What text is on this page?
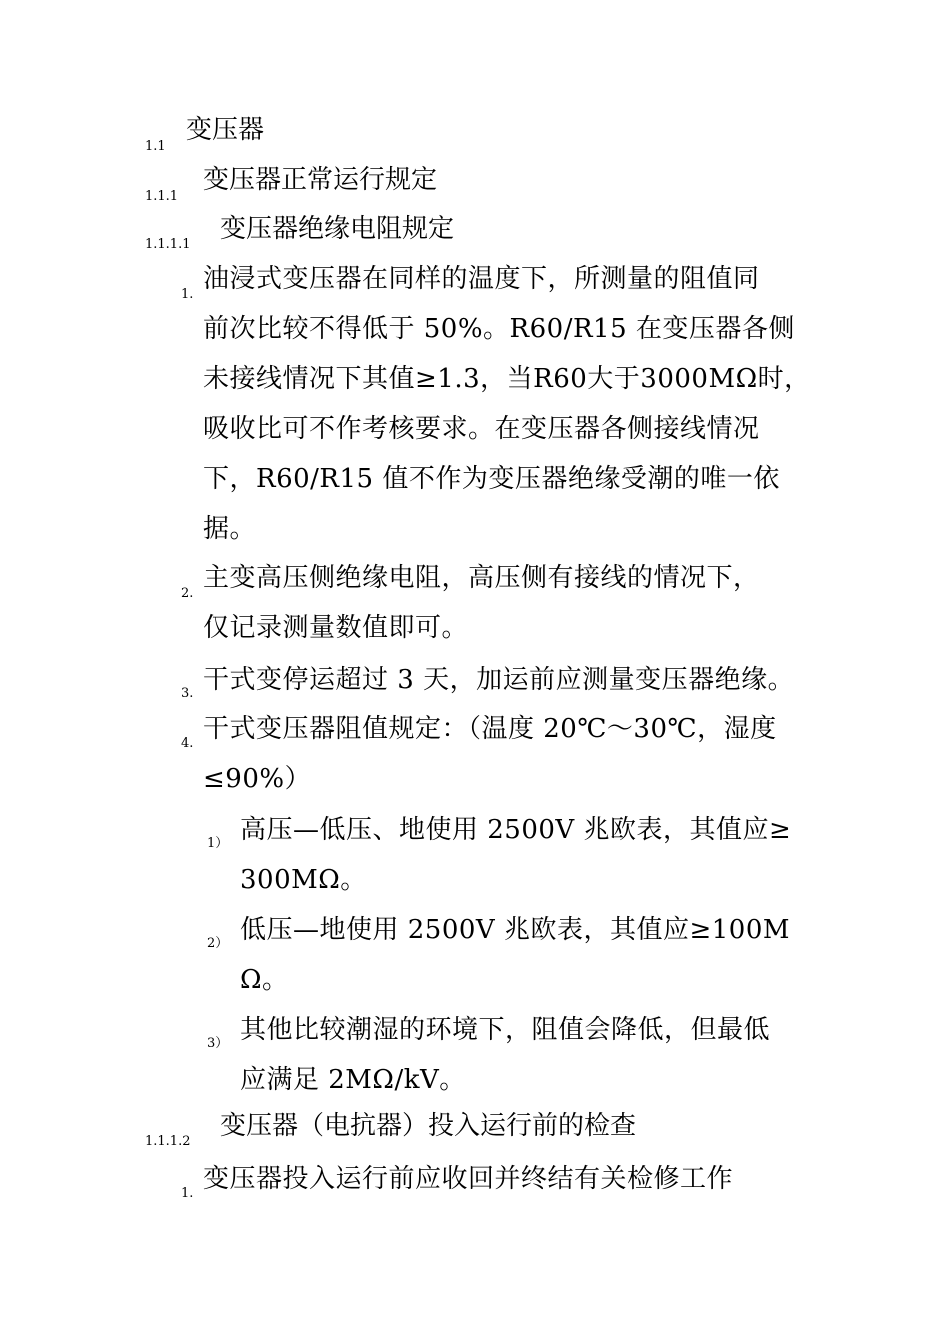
1.1
变压器
1.1.1
变压器正常运行规定
1.1.1.1
变压器绝缘电阻规定
1.
油浸式变压器在同样的温度下，所测量的阻值同
前次比较不得低于 50%。R60/R15 在变压器各侧
未接线情况下其值≥1.3，当R60大于3000MΩ时，
吸收比可不作考核要求。在变压器各侧接线情况
下，R60/R15 值不作为变压器绝缘受潮的唯一依
据。
2.
主变高压侧绝缘电阻，高压侧有接线的情况下，
仅记录测量数值即可。
3. 干式变停运超过 3 天，加运前应测量变压器绝缘。
4. 干式变压器阻值规定：（温度 20℃～30℃，湿度
≤90%）
1） 高压—低压、地使用 2500V 兆欧表，其值应≥
300MΩ。
2） 低压—地使用 2500V 兆欧表，其值应≥100M
Ω。
3） 其他比较潮湿的环境下，阻值会降低，但最低
应满足 2MΩ/kV。
1.1.1.2
变压器（电抗器）投入运行前的检查
1. 变压器投入运行前应收回并终结有关检修工作
